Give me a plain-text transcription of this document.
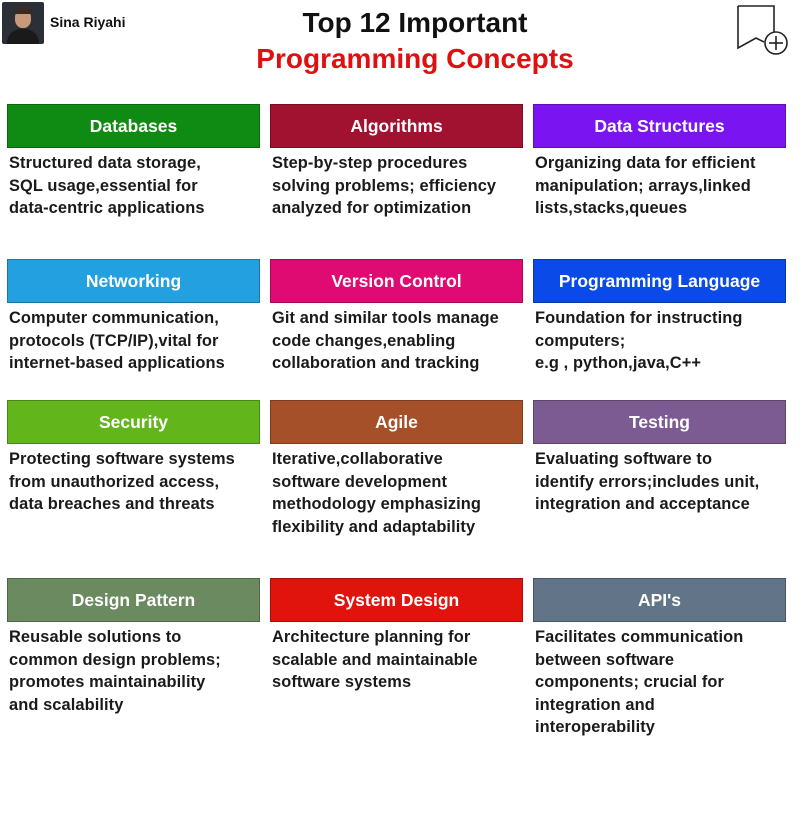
Sina Riyahi	Top 12 Important
Programming Concepts
Databases
Structured data storage,
SQL usage,essential for
data-centric applications
Algorithms
Step-by-step procedures
solving problems; efficiency
analyzed for optimization
Data Structures
Organizing data for efficient
manipulation; arrays,linked
lists,stacks,queues
Networking
Computer communication,
protocols (TCP/IP),vital for
internet-based applications
Version Control
Git and similar tools manage
code changes,enabling
collaboration and tracking
Programming Language
Foundation for instructing
computers;
e.g , python,java,C++
Security
Protecting software systems
from unauthorized access,
data breaches and threats
Agile
Iterative,collaborative
software development
methodology emphasizing
flexibility and adaptability
Testing
Evaluating software to
identify errors;includes unit,
integration and acceptance
Design Pattern
Reusable solutions to
common design problems;
promotes maintainability
and scalability
System Design
Architecture planning for
scalable and maintainable
software systems
API's
Facilitates communication
between software
components; crucial for
integration and
interoperability
